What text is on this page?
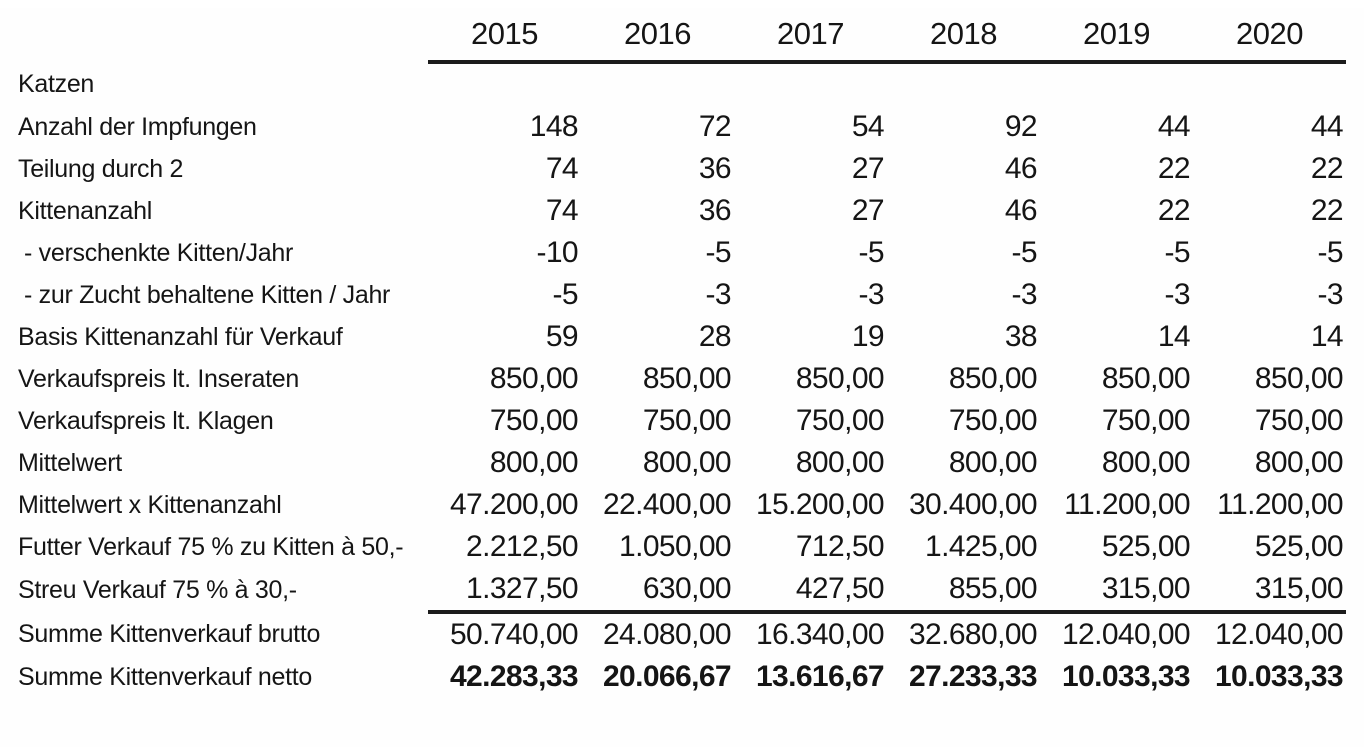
	2015	2016	2017	2018	2019	2020
Katzen						
Anzahl der Impfungen	148	72	54	92	44	44
Teilung durch 2	74	36	27	46	22	22
Kittenanzahl	74	36	27	46	22	22
- verschenkte Kitten/Jahr	-10	-5	-5	-5	-5	-5
- zur Zucht behaltene Kitten / Jahr	-5	-3	-3	-3	-3	-3
Basis Kittenanzahl für Verkauf	59	28	19	38	14	14
Verkaufspreis lt. Inseraten	850,00	850,00	850,00	850,00	850,00	850,00
Verkaufspreis lt. Klagen	750,00	750,00	750,00	750,00	750,00	750,00
Mittelwert	800,00	800,00	800,00	800,00	800,00	800,00
Mittelwert x Kittenanzahl	47.200,00	22.400,00	15.200,00	30.400,00	11.200,00	11.200,00
Futter Verkauf 75 % zu Kitten à 50,-	2.212,50	1.050,00	712,50	1.425,00	525,00	525,00
Streu Verkauf 75 % à 30,-	1.327,50	630,00	427,50	855,00	315,00	315,00
Summe Kittenverkauf brutto	50.740,00	24.080,00	16.340,00	32.680,00	12.040,00	12.040,00
Summe Kittenverkauf netto	42.283,33	20.066,67	13.616,67	27.233,33	10.033,33	10.033,33
